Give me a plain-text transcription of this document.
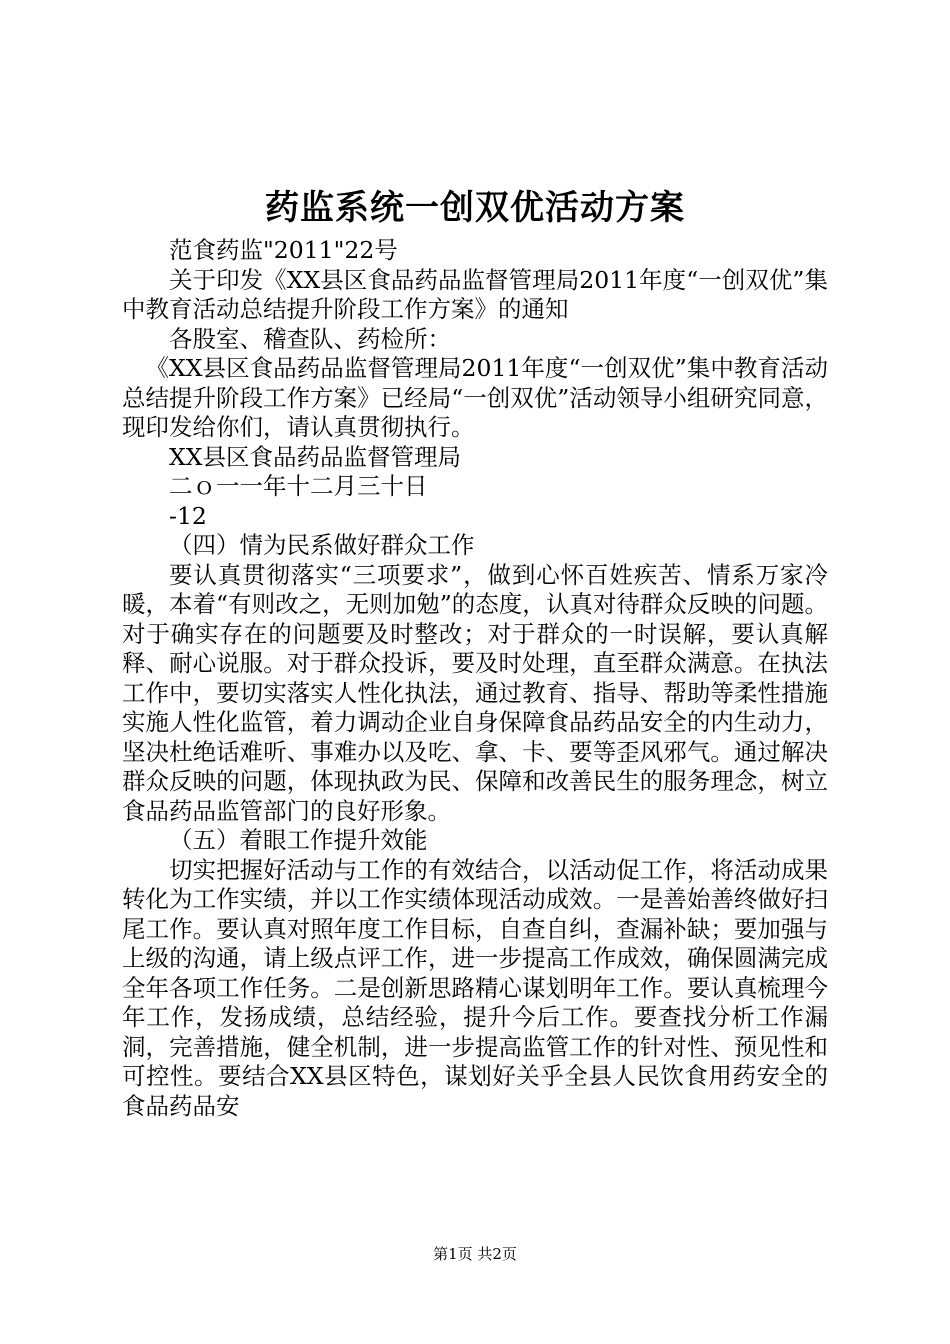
药监系统一创双优活动方案

范食药监"2011"22号

关于印发《XX县区食品药品监督管理局2011年度“一创双优”集中教育活动总结提升阶段工作方案》的通知

各股室、稽查队、药检所：

《XX县区食品药品监督管理局2011年度“一创双优”集中教育活动总结提升阶段工作方案》已经局“一创双优”活动领导小组研究同意，现印发给你们，请认真贯彻执行。

XX县区食品药品监督管理局

二ｏ一一年十二月三十日

-12

（四）情为民系做好群众工作

要认真贯彻落实“三项要求”，做到心怀百姓疾苦、情系万家冷暖，本着“有则改之，无则加勉”的态度，认真对待群众反映的问题。对于确实存在的问题要及时整改；对于群众的一时误解，要认真解释、耐心说服。对于群众投诉，要及时处理，直至群众满意。在执法工作中，要切实落实人性化执法，通过教育、指导、帮助等柔性措施实施人性化监管，着力调动企业自身保障食品药品安全的内生动力，坚决杜绝话难听、事难办以及吃、拿、卡、要等歪风邪气。通过解决群众反映的问题，体现执政为民、保障和改善民生的服务理念，树立食品药品监管部门的良好形象。

（五）着眼工作提升效能

切实把握好活动与工作的有效结合，以活动促工作，将活动成果转化为工作实绩，并以工作实绩体现活动成效。一是善始善终做好扫尾工作。要认真对照年度工作目标，自查自纠，查漏补缺；要加强与上级的沟通，请上级点评工作，进一步提高工作成效，确保圆满完成全年各项工作任务。二是创新思路精心谋划明年工作。要认真梳理今年工作，发扬成绩，总结经验，提升今后工作。要查找分析工作漏洞，完善措施，健全机制，进一步提高监管工作的针对性、预见性和可控性。要结合XX县区特色，谋划好关乎全县人民饮食用药安全的食品药品安

第1页 共2页
